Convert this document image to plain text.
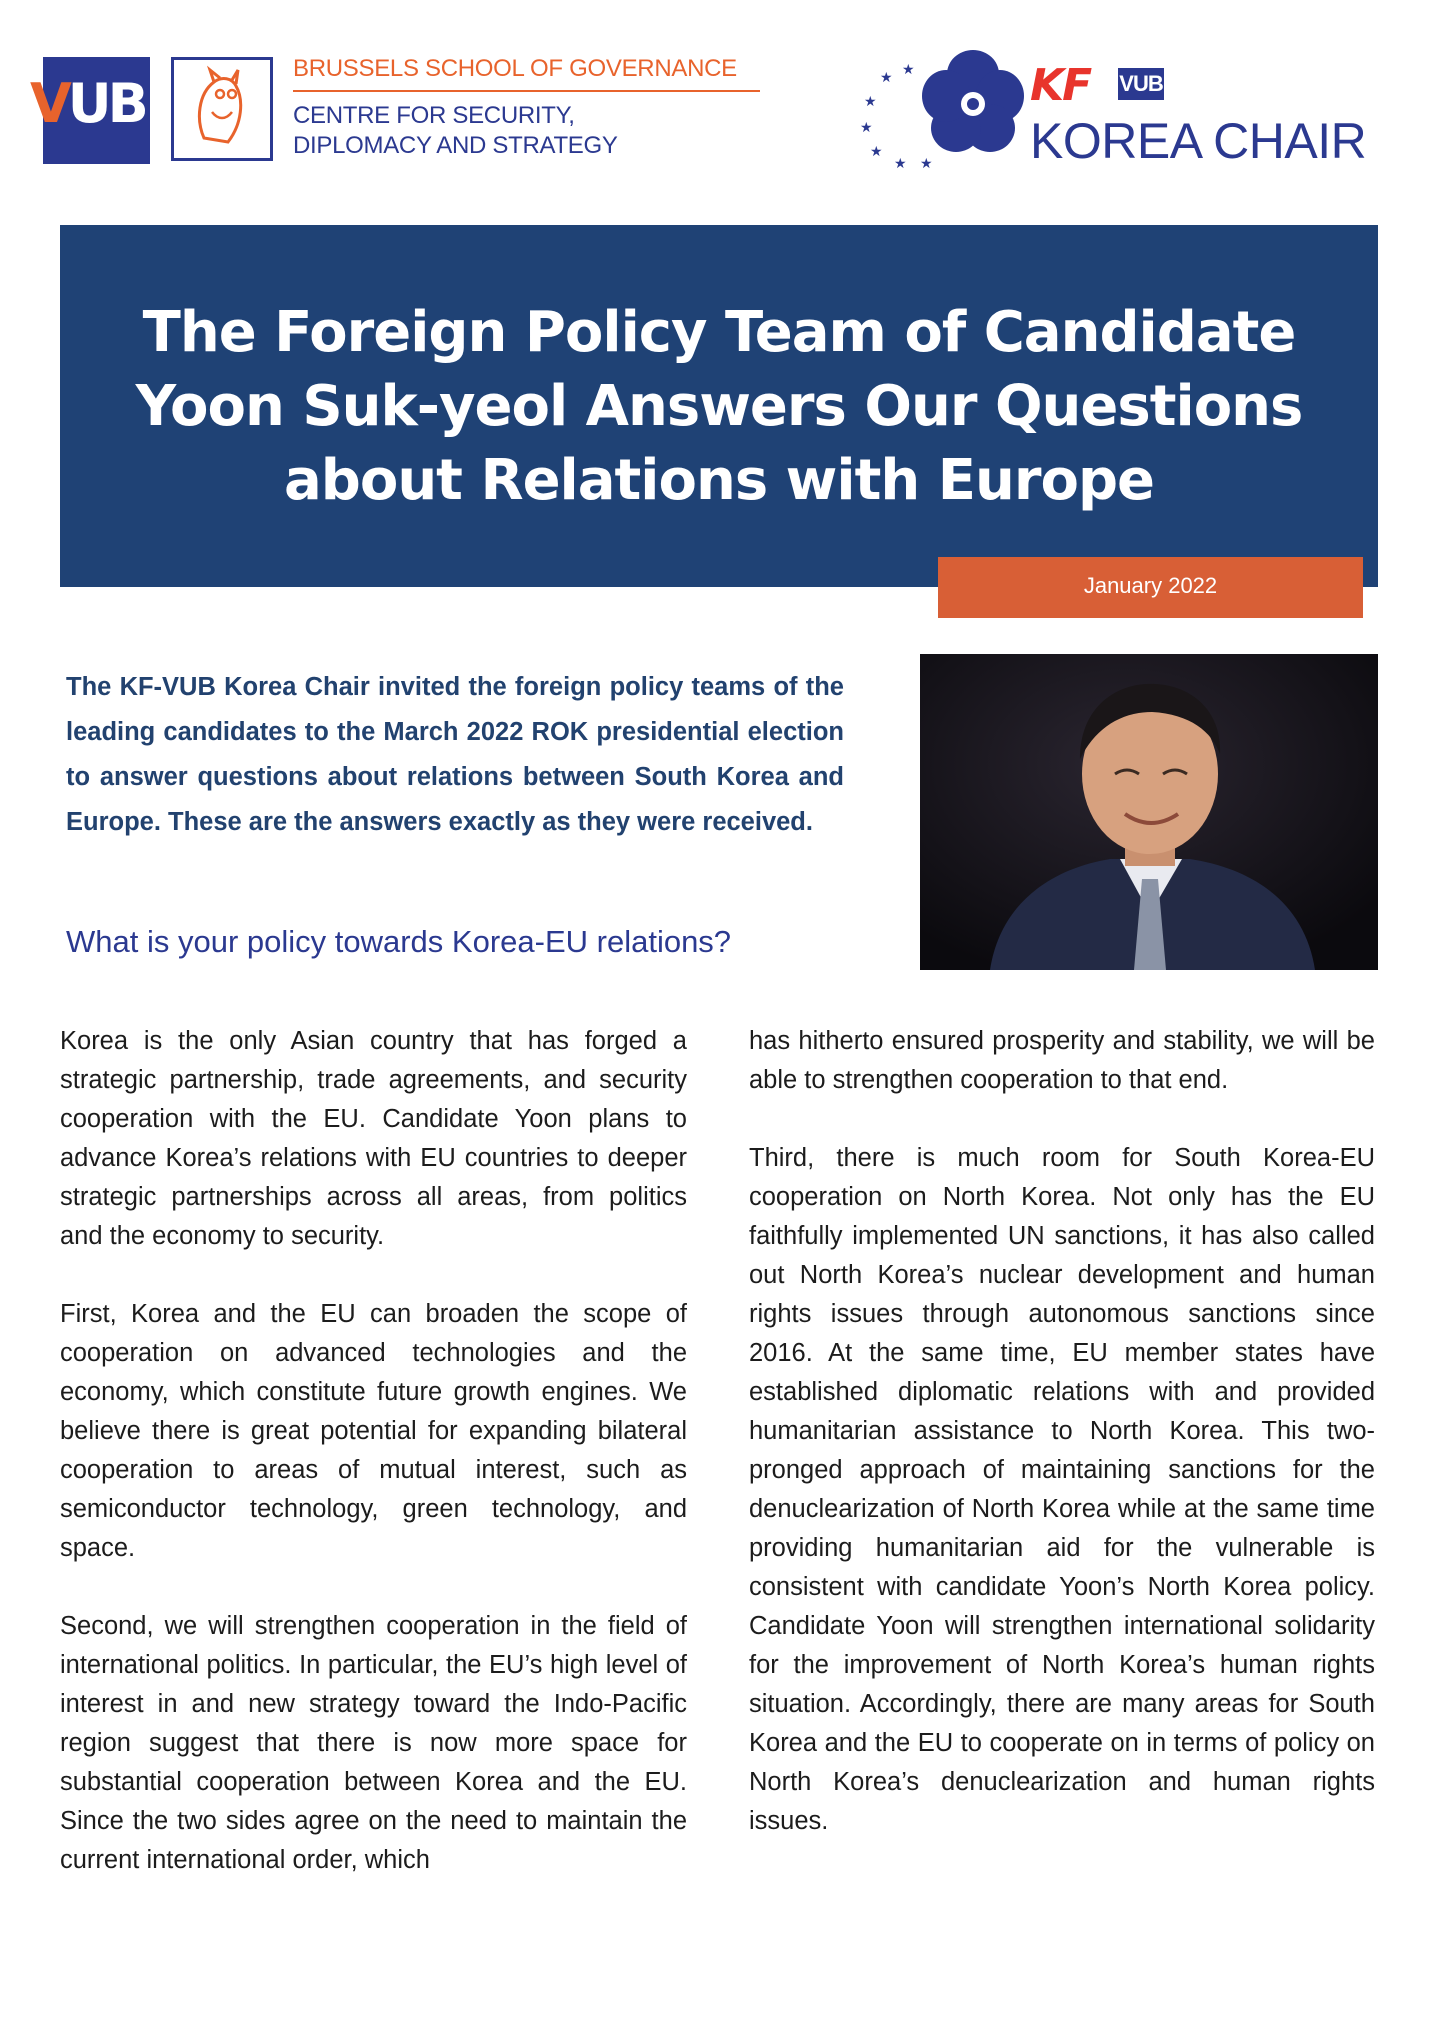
VUB
BRUSSELS SCHOOL OF GOVERNANCE
CENTRE FOR SECURITY,
DIPLOMACY AND STRATEGY
★
★
★
★
★ ★
★	KF VUB
KOREA CHAIR
The Foreign Policy Team of Candidate
Yoon Suk-yeol Answers Our Questions
about Relations with Europe
January 2022

The KF-VUB Korea Chair invited the foreign policy teams of the leading candidates to the March 2022 ROK presidential election to answer questions about relations between South Korea and Europe. These are the answers exactly as they were received.

What is your policy towards Korea-EU relations?

Korea is the only Asian country that has forged a strategic partnership, trade agreements, and security cooperation with the EU. Candidate Yoon plans to advance Korea’s relations with EU countries to deeper strategic partnerships across all areas, from politics and the economy to security.

First, Korea and the EU can broaden the scope of cooperation on advanced technologies and the economy, which constitute future growth engines. We believe there is great potential for expanding bilateral cooperation to areas of mutual interest, such as semiconductor technology, green technology, and space.

Second, we will strengthen cooperation in the field of international politics. In particular, the EU’s high level of interest in and new strategy toward the Indo-Pacific region suggest that there is now more space for substantial cooperation between Korea and the EU. Since the two sides agree on the need to maintain the current international order, which

has hitherto ensured prosperity and stability, we will be able to strengthen cooperation to that end.

Third, there is much room for South Korea-EU cooperation on North Korea. Not only has the EU faithfully implemented UN sanctions, it has also called out North Korea’s nuclear development and human rights issues through autonomous sanctions since 2016. At the same time, EU member states have established diplomatic relations with and provided humanitarian assistance to North Korea. This two-pronged approach of maintaining sanctions for the denuclearization of North Korea while at the same time providing humanitarian aid for the vulnerable is consistent with candidate Yoon’s North Korea policy. Candidate Yoon will strengthen international solidarity for the improvement of North Korea’s human rights situation. Accordingly, there are many areas for South Korea and the EU to cooperate on in terms of policy on North Korea’s denuclearization and human rights issues.
